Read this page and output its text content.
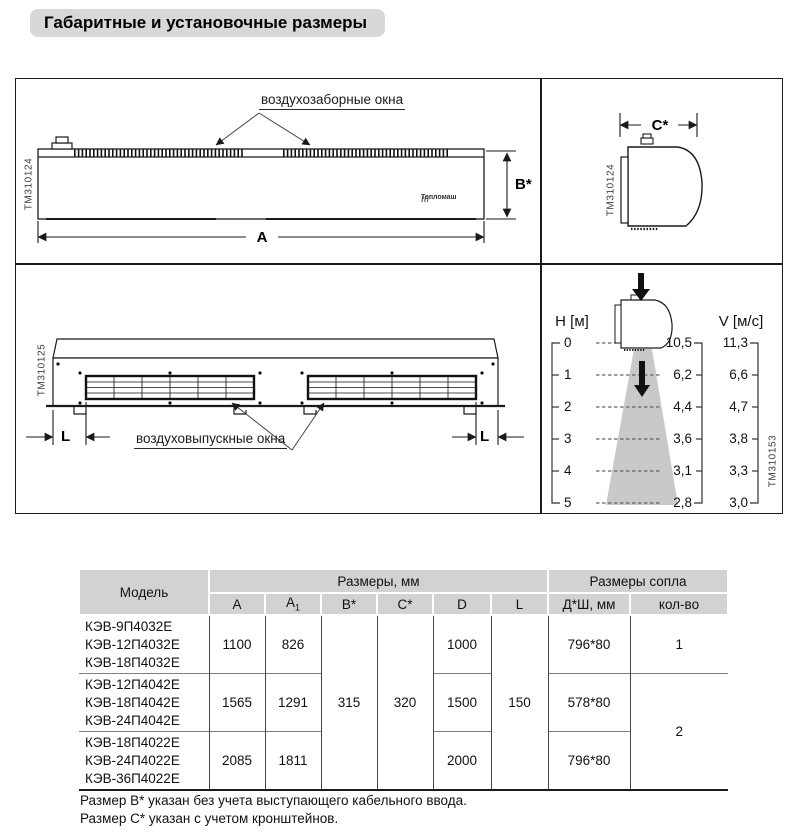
Габаритные и установочные размеры
воздухозаборные окна
A
B*
ТМ310124	Тепломаш
C*
ТМ310124
L	L
воздуховыпускные окна
ТМ310125
H [м]	V [м/с]
0
1
2
3
4
5
10,5
6,2
4,4
3,6
3,1
2,8
11,3
6,6
4,7
3,8
3,3
3,0
ТМ310153
Модель	Размеры, мм						Размеры сопла	
	A	$A_1$	B*	C*	D	L	Д*Ш, мм	кол-во

КЭВ-9П4032Е
КЭВ-12П4032Е
КЭВ-18П4032Е	1100	826	315	320	1000	150	796*80	1

КЭВ-12П4042Е
КЭВ-18П4042Е
КЭВ-24П4042Е	1565	1291			1500		578*80	2

КЭВ-18П4022Е
КЭВ-24П4022Е
КЭВ-36П4022Е	2085	1811			2000		796*80	
Размер В* указан без учета выступающего кабельного ввода.
Размер С* указан с учетом кронштейнов.
